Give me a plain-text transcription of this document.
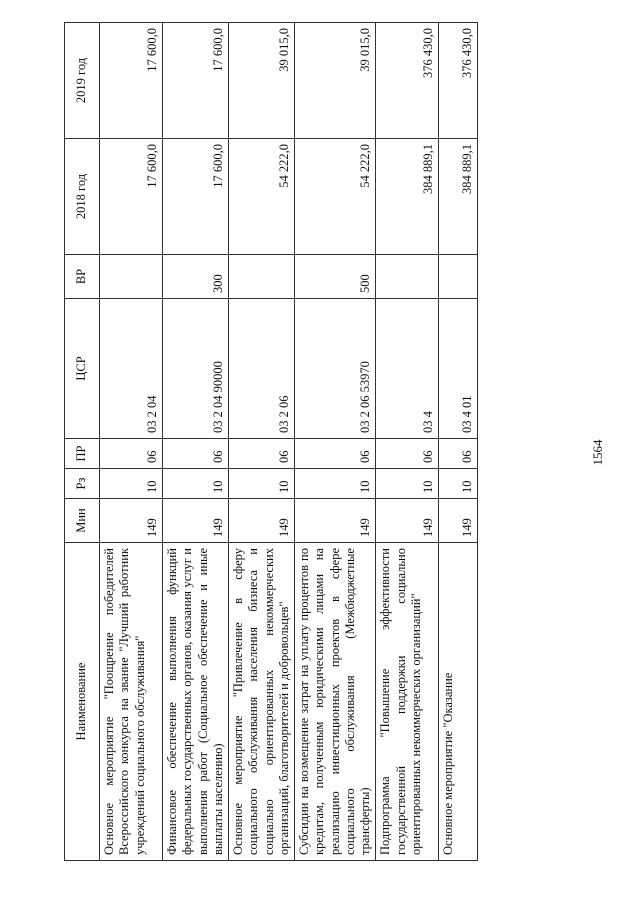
1564
Наименование	Мин	Рз	ПР	ЦСР	ВР	2018 год	2019 год
Основное мероприятие "Поощрение победителей Всероссийского конкурса на звание "Лучший работник учреждений социального обслуживания"	149	10	06	03 2 04		17 600,0	17 600,0
Финансовое обеспечение выполнения функций федеральных государственных органов, оказания услуг и выполнения работ (Социальное обеспечение и иные выплаты населению)	149	10	06	03 2 04 90000	300	17 600,0	17 600,0
Основное мероприятие "Привлечение в сферу социального обслуживания населения бизнеса и социально ориентированных некоммерческих организаций, благотворителей и добровольцев"	149	10	06	03 2 06		54 222,0	39 015,0
Субсидии на возмещение затрат на уплату процентов по кредитам, полученным юридическими лицами на реализацию инвестиционных проектов в сфере социального обслуживания (Межбюджетные трансферты)	149	10	06	03 2 06 53970	500	54 222,0	39 015,0
Подпрограмма "Повышение эффективности государственной поддержки социально ориентированных некоммерческих организаций"	149	10	06	03 4		384 889,1	376 430,0
Основное мероприятие "Оказание	149	10	06	03 4 01		384 889,1	376 430,0
